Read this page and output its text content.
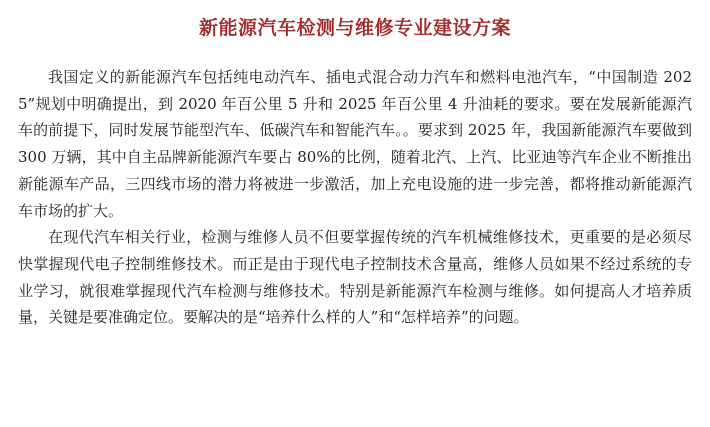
新能源汽车检测与维修专业建设方案

我国定义的新能源汽车包括纯电动汽车、插电式混合动力汽车和燃料电池汽车，“中国制造 2025”规划中明确提出，到 2020 年百公里 5 升和 2025 年百公里 4 升油耗的要求。要在发展新能源汽车的前提下，同时发展节能型汽车、低碳汽车和智能汽车。。要求到 2025 年，我国新能源汽车要做到 300 万辆，其中自主品牌新能源汽车要占 80%的比例，随着北汽、上汽、比亚迪等汽车企业不断推出新能源车产品，三四线市场的潜力将被进一步激活，加上充电设施的进一步完善，都将推动新能源汽车市场的扩大。

在现代汽车相关行业，检测与维修人员不但要掌握传统的汽车机械维修技术，更重要的是必须尽快掌握现代电子控制维修技术。而正是由于现代电子控制技术含量高，维修人员如果不经过系统的专业学习，就很难掌握现代汽车检测与维修技术。特别是新能源汽车检测与维修。如何提高人才培养质量，关键是要准确定位。要解决的是“培养什么样的人”和“怎样培养”的问题。
